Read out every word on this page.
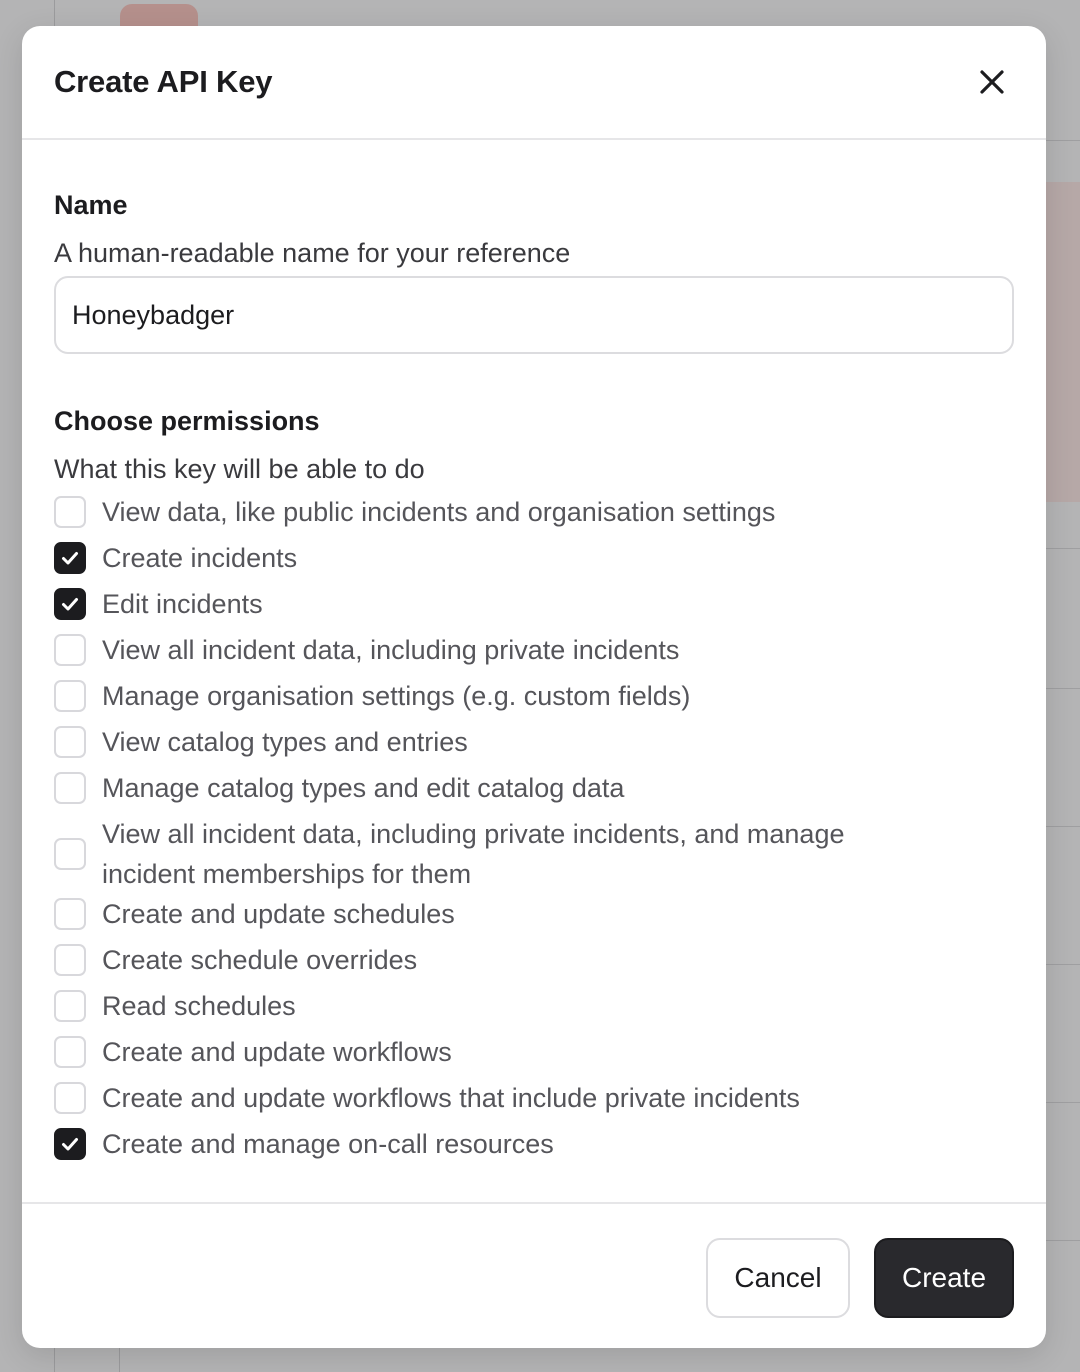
Create API Key
Name
A human-readable name for your reference
Honeybadger
Choose permissions
What this key will be able to do
View data, like public incidents and organisation settings
Create incidents
Edit incidents
View all incident data, including private incidents
Manage organisation settings (e.g. custom fields)
View catalog types and entries
Manage catalog types and edit catalog data
View all incident data, including private incidents, and manage incident memberships for them
Create and update schedules
Create schedule overrides
Read schedules
Create and update workflows
Create and update workflows that include private incidents
Create and manage on-call resources
Cancel	Create
